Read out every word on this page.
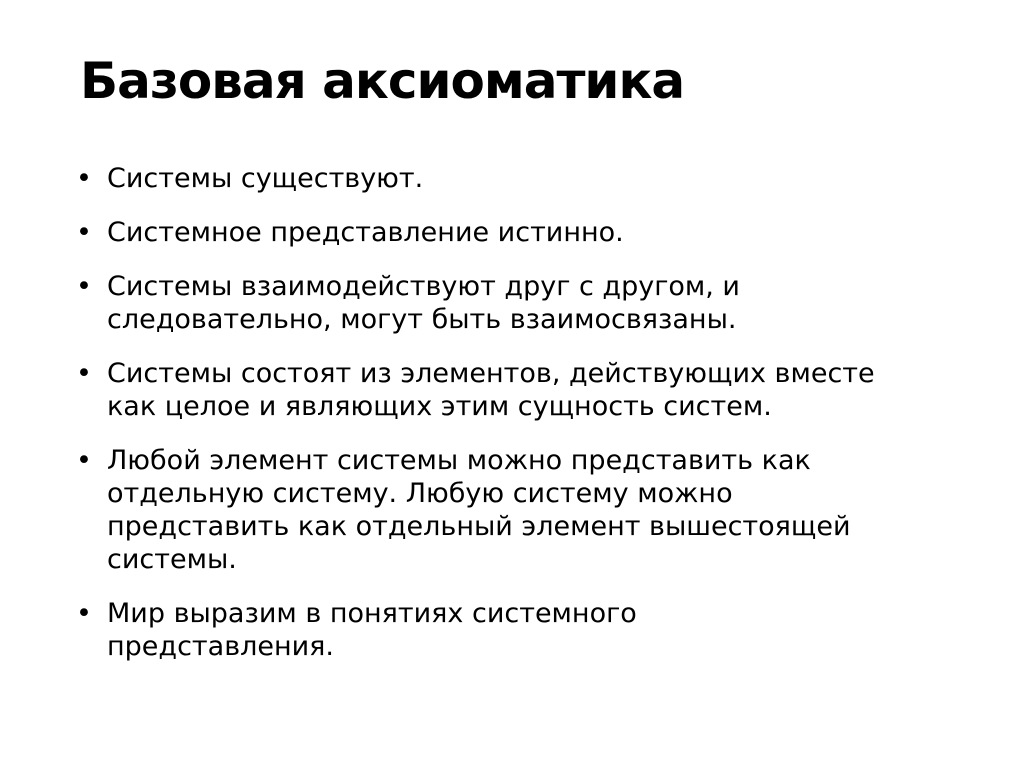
Базовая аксиоматика
• Системы существуют.
• Системное представление истинно.
• Системы взаимодействуют друг с другом, и
следовательно, могут быть взаимосвязаны.
• Системы состоят из элементов, действующих вместе
как целое и являющих этим сущность систем.
• Любой элемент системы можно представить как
отдельную систему. Любую систему можно
представить как отдельный элемент вышестоящей
системы.
• Мир выразим в понятиях системного
представления.
